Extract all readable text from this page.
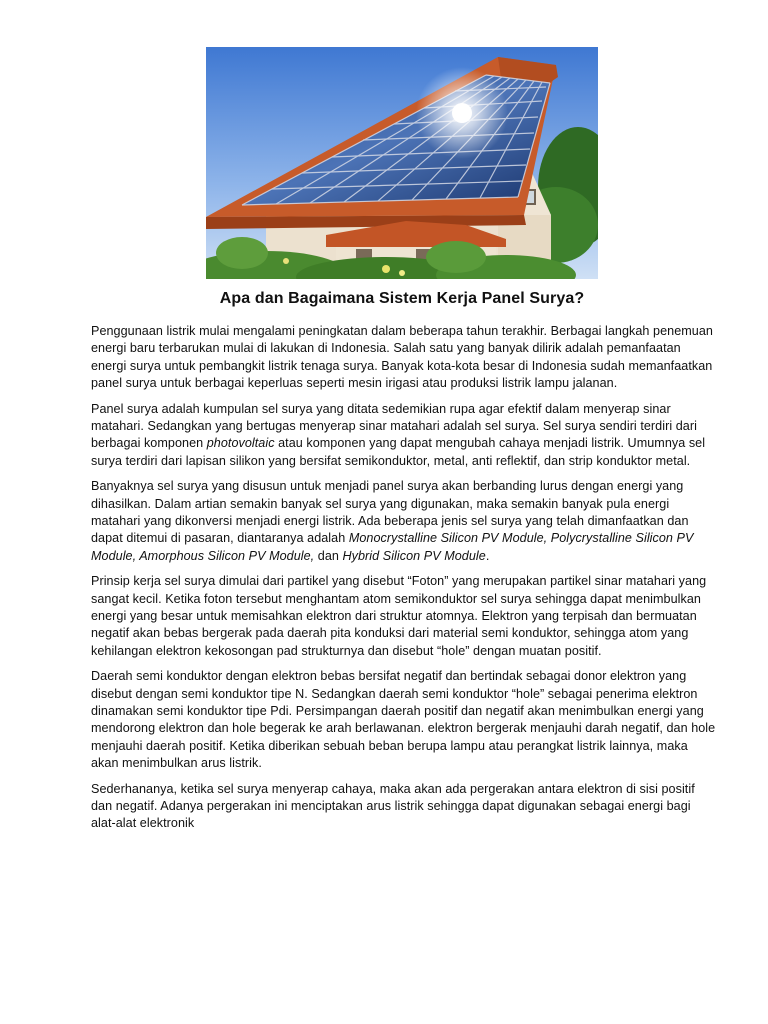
Apa dan Bagaimana Sistem Kerja Panel Surya?

Penggunaan listrik mulai mengalami peningkatan dalam beberapa tahun terakhir. Berbagai langkah penemuan energi baru terbarukan mulai di lakukan di Indonesia. Salah satu yang banyak dilirik adalah pemanfaatan energi surya untuk pembangkit listrik tenaga surya. Banyak kota-kota besar di Indonesia sudah memanfaatkan panel surya untuk berbagai keperluas seperti mesin irigasi atau produksi listrik lampu jalanan.

Panel surya adalah kumpulan sel surya yang ditata sedemikian rupa agar efektif dalam menyerap sinar matahari. Sedangkan yang bertugas menyerap sinar matahari adalah sel surya. Sel surya sendiri terdiri dari berbagai komponen photovoltaic atau komponen yang dapat mengubah cahaya menjadi listrik. Umumnya sel surya terdiri dari lapisan silikon yang bersifat semikonduktor, metal, anti reflektif, dan strip konduktor metal.

Banyaknya sel surya yang disusun untuk menjadi panel surya akan berbanding lurus dengan energi yang dihasilkan. Dalam artian semakin banyak sel surya yang digunakan, maka semakin banyak pula energi matahari yang dikonversi menjadi energi listrik. Ada beberapa jenis sel surya yang telah dimanfaatkan dan dapat ditemui di pasaran, diantaranya adalah Monocrystalline Silicon PV Module, Polycrystalline Silicon PV Module, Amorphous Silicon PV Module, dan Hybrid Silicon PV Module.

Prinsip kerja sel surya dimulai dari partikel yang disebut “Foton” yang merupakan partikel sinar matahari yang sangat kecil. Ketika foton tersebut menghantam atom semikonduktor sel surya sehingga dapat menimbulkan energi yang besar untuk memisahkan elektron dari struktur atomnya. Elektron yang terpisah dan bermuatan negatif akan bebas bergerak pada daerah pita konduksi dari material semi konduktor, sehingga atom yang kehilangan elektron kekosongan pad strukturnya dan disebut “hole” dengan muatan positif.

Daerah semi konduktor dengan elektron bebas bersifat negatif dan bertindak sebagai donor elektron yang disebut dengan semi konduktor tipe N. Sedangkan daerah semi konduktor “hole” sebagai penerima elektron dinamakan semi konduktor tipe Pdi. Persimpangan daerah positif dan negatif akan menimbulkan energi yang mendorong elektron dan hole begerak ke arah berlawanan. elektron bergerak menjauhi darah negatif, dan hole menjauhi daerah positif. Ketika diberikan sebuah beban berupa lampu atau perangkat listrik lainnya, maka akan menimbulkan arus listrik.

Sederhananya, ketika sel surya menyerap cahaya, maka akan ada pergerakan antara elektron di sisi positif dan negatif. Adanya pergerakan ini menciptakan arus listrik sehingga dapat digunakan sebagai energi bagi alat-alat elektronik
